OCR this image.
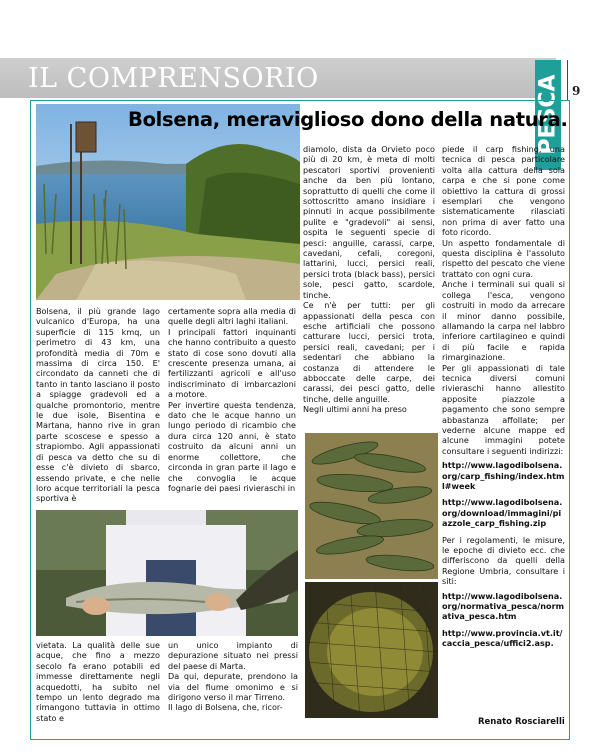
IL COMPRENSORIO	PESCA 9
Bolsena, meraviglioso dono della natura.

Bolsena, il più grande lago vulcanico d'Europa, ha una superficie di 115 kmq, un perimetro di 43 km, una profondità media di 70m e massima di circa 150. E' circondato da canneti che di tanto in tanto lasciano il posto a spiagge gradevoli ed a qualche promontorio, mentre le due isole, Bisentina e Martana, hanno rive in gran parte scoscese e spesso a strapiombo. Agli appassionati di pesca va detto che su di esse c'è divieto di sbarco, essendo private, e che nelle loro acque territoriali la pesca sportiva è

vietata. La qualità delle sue acque, che fino a mezzo secolo fa erano potabili ed immesse direttamente negli acquedotti, ha subito nel tempo un lento degrado ma rimangono tuttavia in ottimo stato e

certamente sopra alla media di quelle degli altri laghi italiani.

I principali fattori inquinanti che hanno contribuito a questo stato di cose sono dovuti alla crescente presenza umana, ai fertilizzanti agricoli e all'uso indiscriminato di imbarcazioni a motore.

Per invertire questa tendenza, dato che le acque hanno un lungo periodo di ricambio che dura circa 120 anni, è stato costruito da alcuni anni un enorme collettore, che circonda in gran parte il lago e che convoglia le acque fognarie dei paesi rivieraschi in

un unico impianto di depurazione situato nei pressi del paese di Marta.

Da qui, depurate, prendono la via del fiume omonimo e si dirigono verso il mar Tirreno.

Il lago di Bolsena, che, ricor-

diamolo, dista da Orvieto poco più di 20 km, è meta di molti pescatori sportivi provenienti anche da ben più lontano, soprattutto di quelli che come il sottoscritto amano insidiare i pinnuti in acque possibilmente pulite e "gradevoli" ai sensi, ospita le seguenti specie di pesci: anguille, carassi, carpe, cavedani, cefali, coregoni, lattarini, lucci, persici reali, persici trota (black bass), persici sole, pesci gatto, scardole, tinche.

Ce n'è per tutti: per gli appassionati della pesca con esche artificiali che possono catturare lucci, persici trota, persici reali, cavedani; per i sedentari che abbiano la costanza di attendere le abboccate delle carpe, dei carassi, dei pesci gatto, delle tinche, delle anguille.

Negli ultimi anni ha preso

piede il carp fishing, una tecnica di pesca particolare volta alla cattura della sola carpa e che si pone come obiettivo la cattura di grossi esemplari che vengono sistematicamente rilasciati non prima di aver fatto una foto ricordo.

Un aspetto fondamentale di questa disciplina è l'assoluto rispetto del pescato che viene trattato con ogni cura.

Anche i terminali sui quali si collega l'esca, vengono costruiti in modo da arrecare il minor danno possibile, allamando la carpa nel labbro inferiore cartilagineo e quindi di più facile e rapida rimarginazione.

Per gli appassionati di tale tecnica diversi comuni rivieraschi hanno allestito apposite piazzole a pagamento che sono sempre abbastanza affollate; per vederne alcune mappe ed alcune immagini potete consultare i seguenti indirizzi:

http://www.lagodibolsena.org/carp_fishing/index.html#week

http://www.lagodibolsena.org/download/immagini/piazzole_carp_fishing.zip

Per i regolamenti, le misure, le epoche di divieto ecc. che differiscono da quelli della Regione Umbria, consultare i siti:

http://www.lagodibolsena.org/normativa_pesca/normativa_pesca.htm

http://www.provincia.vt.it/caccia_pesca/uffici2.asp.

Renato Rosciarelli
